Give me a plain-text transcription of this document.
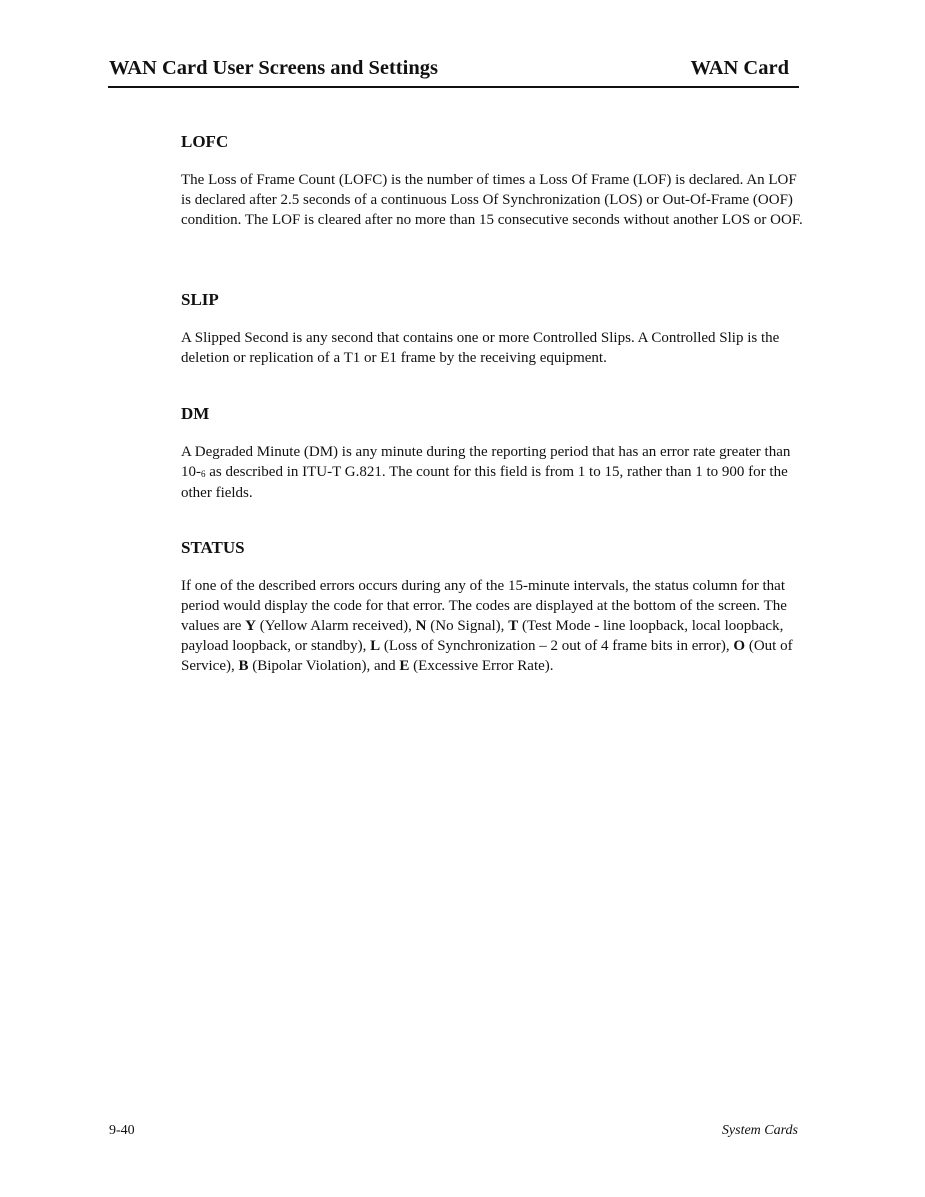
WAN Card User Screens and Settings	WAN Card
LOFC

The Loss of Frame Count (LOFC) is the number of times a Loss Of Frame (LOF) is declared. An LOF is declared after 2.5 seconds of a continuous Loss Of Synchronization (LOS) or Out-Of-Frame (OOF) condition. The LOF is cleared after no more than 15 consecutive seconds without another LOS or OOF.

SLIP

A Slipped Second is any second that contains one or more Controlled Slips. A Controlled Slip is the deletion or replication of a T1 or E1 frame by the receiving equipment.

DM

A Degraded Minute (DM) is any minute during the reporting period that has an error rate greater than 10-6 as described in ITU-T G.821. The count for this field is from 1 to 15, rather than 1 to 900 for the other fields.

STATUS

If one of the described errors occurs during any of the 15-minute intervals, the status column for that period would display the code for that error. The codes are displayed at the bottom of the screen. The values are Y (Yellow Alarm received), N (No Signal), T (Test Mode - line loopback, local loopback, payload loopback, or standby), L (Loss of Synchronization – 2 out of 4 frame bits in error), O (Out of Service), B (Bipolar Violation), and E (Excessive Error Rate).

9-40	System Cards
